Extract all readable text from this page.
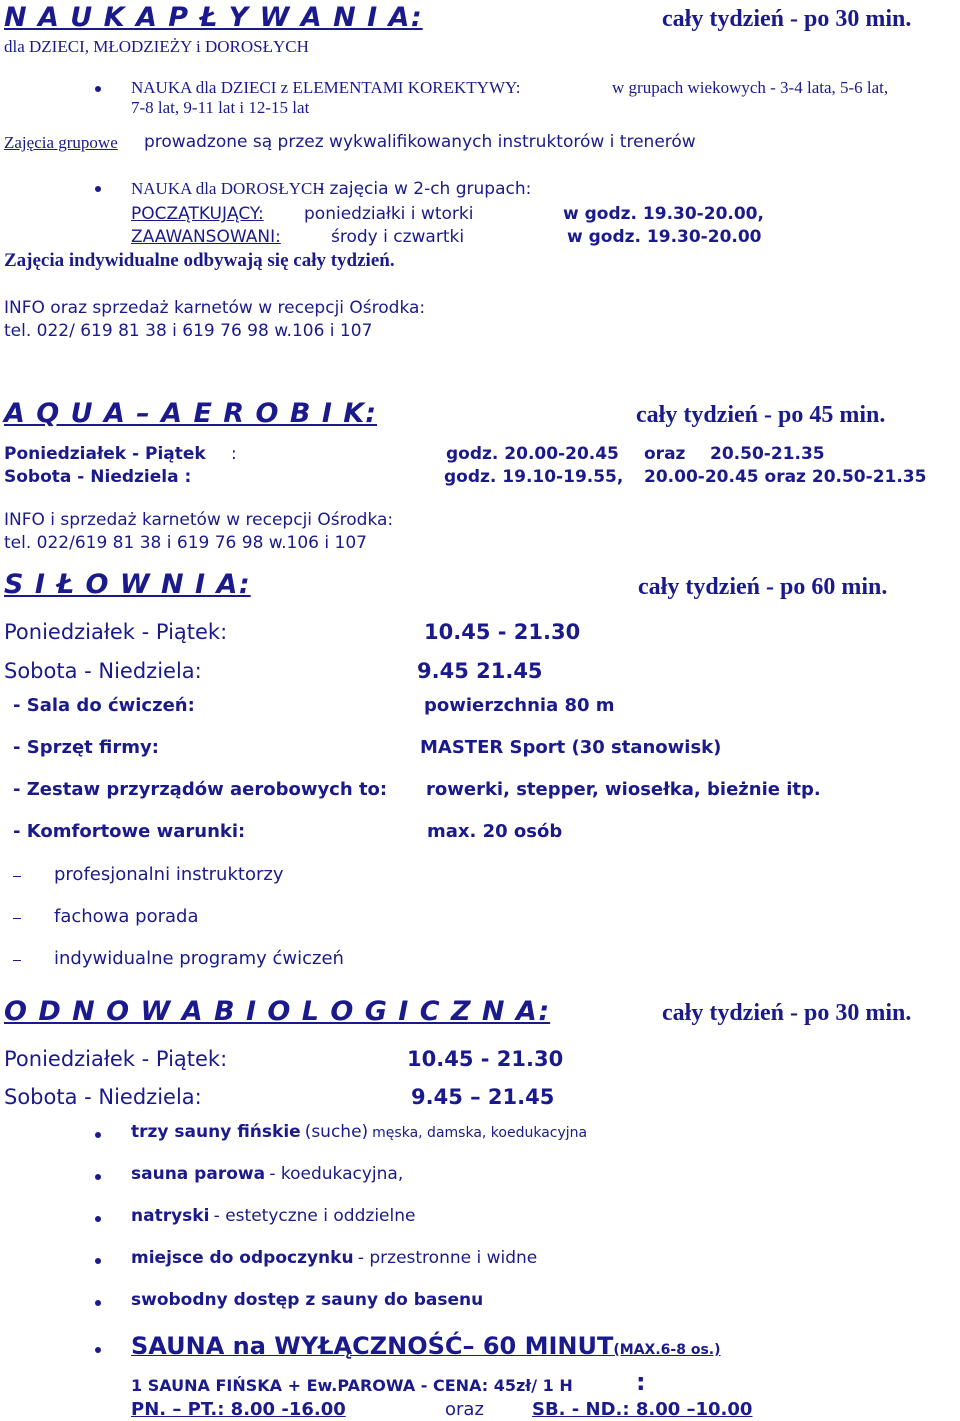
N A U K A P Ł Y W A N I A:	cały tydzień - po 30 min.
dla DZIECI, MŁODZIEŻY i DOROSŁYCH
NAUKA dla DZIECI z ELEMENTAMI KOREKTYWY:	w grupach wiekowych - 3-4 lata, 5-6 lat,
7-8 lat, 9-11 lat i 12-15 lat
Zajęcia grupowe prowadzone są przez wykwalifikowanych instruktorów i trenerów
NAUKA dla DOROSŁYCH
- zajęcia w 2-ch grupach:
POCZĄTKUJĄCY: poniedziałki i wtorki	w godz. 19.30-20.00,
ZAAWANSOWANI:	środy i czwartki	w godz. 19.30-20.00
Zajęcia indywidualne odbywają się cały tydzień.
INFO oraz sprzedaż karnetów w recepcji Ośrodka:
tel. 022/ 619 81 38 i 619 76 98 w.106 i 107
A Q U A – A E R O B I K:	cały tydzień - po 45 min.
Poniedziałek - Piątek :	godz. 20.00-20.45 oraz 20.50-21.35
Sobota - Niedziela :	godz. 19.10-19.55, 20.00-20.45 oraz 20.50-21.35
INFO i sprzedaż karnetów w recepcji Ośrodka:
tel. 022/619 81 38 i 619 76 98 w.106 i 107
S I Ł O W N I A:	cały tydzień - po 60 min.
Poniedziałek - Piątek:	10.45 - 21.30
Sobota - Niedziela:	9.45 21.45
- Sala do ćwiczeń:	powierzchnia 80 m
- Sprzęt firmy:	MASTER Sport (30 stanowisk)
- Zestaw przyrządów aerobowych to: rowerki, stepper, wiosełka, bieżnie itp.
- Komfortowe warunki:	max. 20 osób
profesjonalni instruktorzy
fachowa porada
indywidualne programy ćwiczeń
O D N O W A B I O L O G I C Z N A:	cały tydzień - po 30 min.
Poniedziałek - Piątek:	10.45 - 21.30
Sobota - Niedziela:	9.45 – 21.45
trzy sauny fińskie (suche) męska, damska, koedukacyjna
sauna parowa - koedukacyjna,
natryski - estetyczne i oddzielne
miejsce do odpoczynku - przestronne i widne
swobodny dostęp z sauny do basenu
SAUNA na WYŁĄCZNOŚĆ– 60 MINUT(MAX.6-8 os.)
1 SAUNA FIŃSKA + Ew.PAROWA - CENA: 45zł/ 1 H	:
PN. – PT.: 8.00 -16.00	oraz	SB. - ND.: 8.00 –10.00
